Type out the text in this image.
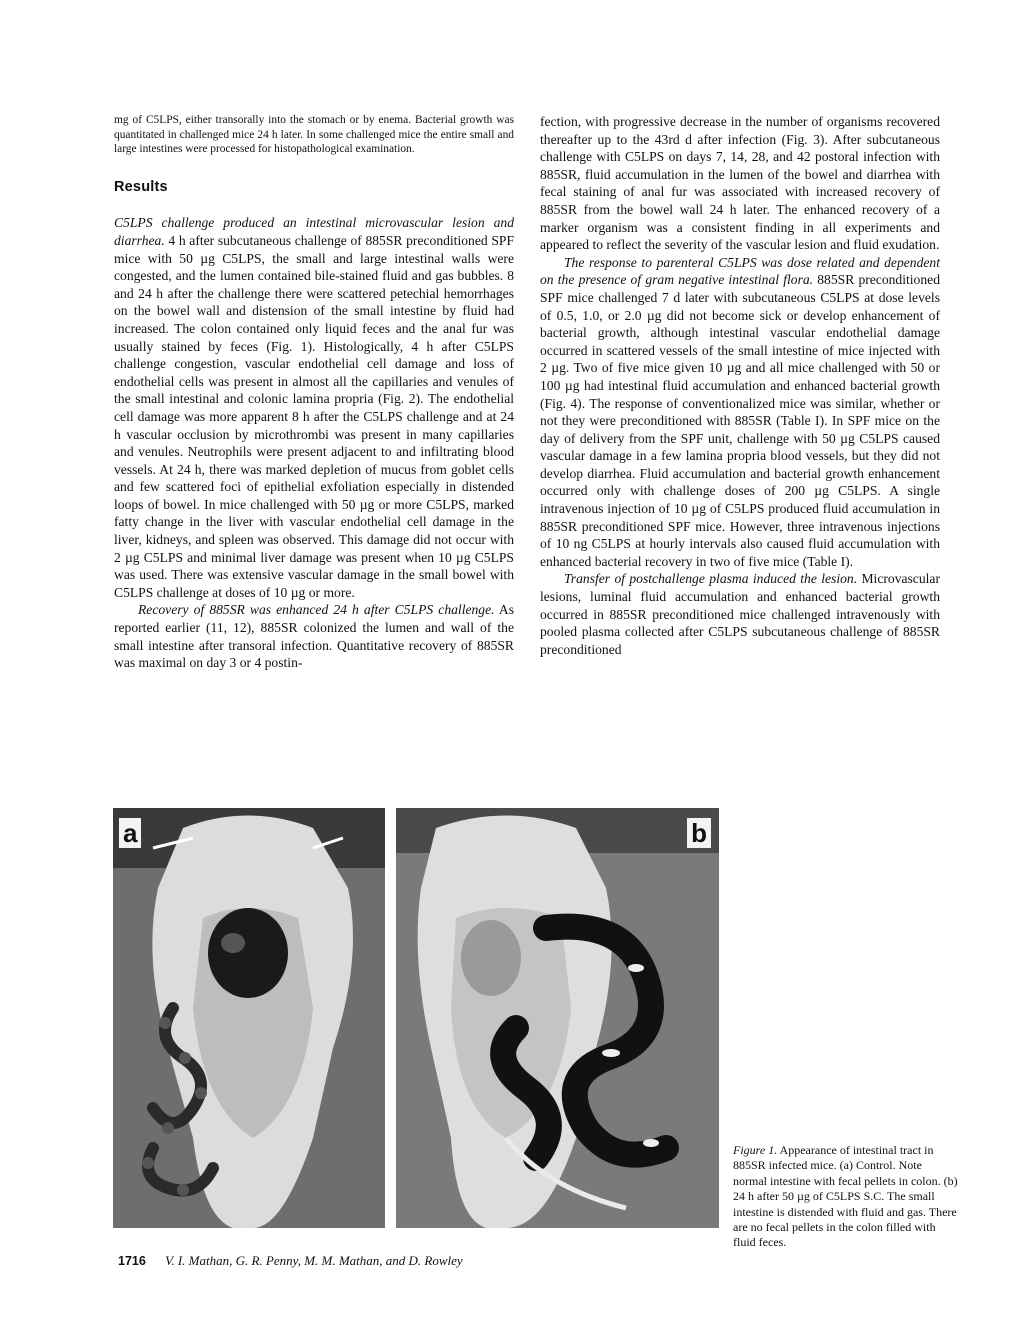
mg of C5LPS, either transorally into the stomach or by enema. Bacterial growth was quantitated in challenged mice 24 h later. In some challenged mice the entire small and large intestines were processed for histopathological examination.

Results

C5LPS challenge produced an intestinal microvascular lesion and diarrhea. 4 h after subcutaneous challenge of 885SR preconditioned SPF mice with 50 µg C5LPS, the small and large intestinal walls were congested, and the lumen contained bile-stained fluid and gas bubbles. 8 and 24 h after the challenge there were scattered petechial hemorrhages on the bowel wall and distension of the small intestine by fluid had increased. The colon contained only liquid feces and the anal fur was usually stained by feces (Fig. 1). Histologically, 4 h after C5LPS challenge congestion, vascular endothelial cell damage and loss of endothelial cells was present in almost all the capillaries and venules of the small intestinal and colonic lamina propria (Fig. 2). The endothelial cell damage was more apparent 8 h after the C5LPS challenge and at 24 h vascular occlusion by microthrombi was present in many capillaries and venules. Neutrophils were present adjacent to and infiltrating blood vessels. At 24 h, there was marked depletion of mucus from goblet cells and few scattered foci of epithelial exfoliation especially in distended loops of bowel. In mice challenged with 50 µg or more C5LPS, marked fatty change in the liver with vascular endothelial cell damage in the liver, kidneys, and spleen was observed. This damage did not occur with 2 µg C5LPS and minimal liver damage was present when 10 µg C5LPS was used. There was extensive vascular damage in the small bowel with C5LPS challenge at doses of 10 µg or more.

Recovery of 885SR was enhanced 24 h after C5LPS challenge. As reported earlier (11, 12), 885SR colonized the lumen and wall of the small intestine after transoral infection. Quantitative recovery of 885SR was maximal on day 3 or 4 postin-

fection, with progressive decrease in the number of organisms recovered thereafter up to the 43rd d after infection (Fig. 3). After subcutaneous challenge with C5LPS on days 7, 14, 28, and 42 postoral infection with 885SR, fluid accumulation in the lumen of the bowel and diarrhea with fecal staining of anal fur was associated with increased recovery of 885SR from the bowel wall 24 h later. The enhanced recovery of a marker organism was a consistent finding in all experiments and appeared to reflect the severity of the vascular lesion and fluid exudation.

The response to parenteral C5LPS was dose related and dependent on the presence of gram negative intestinal flora. 885SR preconditioned SPF mice challenged 7 d later with subcutaneous C5LPS at dose levels of 0.5, 1.0, or 2.0 µg did not become sick or develop enhancement of bacterial growth, although intestinal vascular endothelial damage occurred in scattered vessels of the small intestine of mice injected with 2 µg. Two of five mice given 10 µg and all mice challenged with 50 or 100 µg had intestinal fluid accumulation and enhanced bacterial growth (Fig. 4). The response of conventionalized mice was similar, whether or not they were preconditioned with 885SR (Table I). In SPF mice on the day of delivery from the SPF unit, challenge with 50 µg C5LPS caused vascular damage in a few lamina propria blood vessels, but they did not develop diarrhea. Fluid accumulation and bacterial growth enhancement occurred only with challenge doses of 200 µg C5LPS. A single intravenous injection of 10 µg of C5LPS produced fluid accumulation in 885SR preconditioned SPF mice. However, three intravenous injections of 10 ng C5LPS at hourly intervals also caused fluid accumulation with enhanced bacterial recovery in two of five mice (Table I).

Transfer of postchallenge plasma induced the lesion. Microvascular lesions, luminal fluid accumulation and enhanced bacterial growth occurred in 885SR preconditioned mice challenged intravenously with pooled plasma collected after C5LPS subcutaneous challenge of 885SR preconditioned

a	b
Figure 1. Appearance of intestinal tract in 885SR infected mice. (a) Control. Note normal intestine with fecal pellets in colon. (b) 24 h after 50 µg of C5LPS S.C. The small intestine is distended with fluid and gas. There are no fecal pellets in the colon filled with fluid feces.
1716 V. I. Mathan, G. R. Penny, M. M. Mathan, and D. Rowley
